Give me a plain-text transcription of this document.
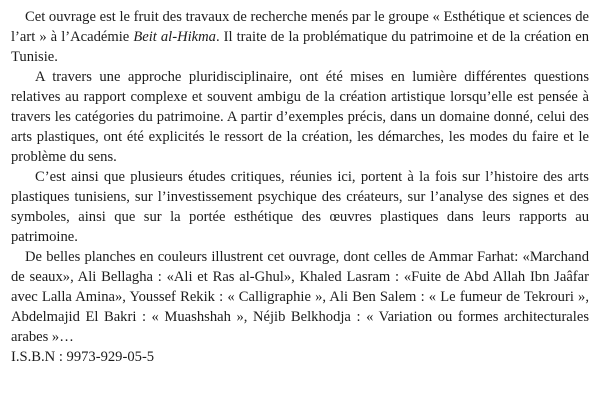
Cet ouvrage est le fruit des travaux de recherche menés par le groupe « Esthétique et sciences de l’art » à l’Académie Beit al-Hikma. Il traite de la problématique du patrimoine et de la création en Tunisie.

A travers une approche pluridisciplinaire, ont été mises en lumière différentes questions relatives au rapport complexe et souvent ambigu de la création artistique lorsqu’elle est pensée à travers les catégories du patrimoine. A partir d’exemples précis, dans un domaine donné, celui des arts plastiques, ont été explicités le ressort de la création, les démarches, les modes du faire et le problème du sens.

C’est ainsi que plusieurs études critiques, réunies ici, portent à la fois sur l’histoire des arts plastiques tunisiens, sur l’investissement psychique des créateurs, sur l’analyse des signes et des symboles, ainsi que sur la portée esthétique des œuvres plastiques dans leurs rapports au patrimoine.

De belles planches en couleurs illustrent cet ouvrage, dont celles de Ammar Farhat: «Marchand de seaux», Ali Bellagha : «Ali et Ras al-Ghul», Khaled Lasram : «Fuite de Abd Allah Ibn Jaâfar avec Lalla Amina», Youssef Rekik : « Calligraphie », Ali Ben Salem : « Le fumeur de Tekrouri », Abdelmajid El Bakri : « Muashshah », Néjib Belkhodja : « Variation ou formes architecturales arabes »…

I.S.B.N : 9973-929-05-5
